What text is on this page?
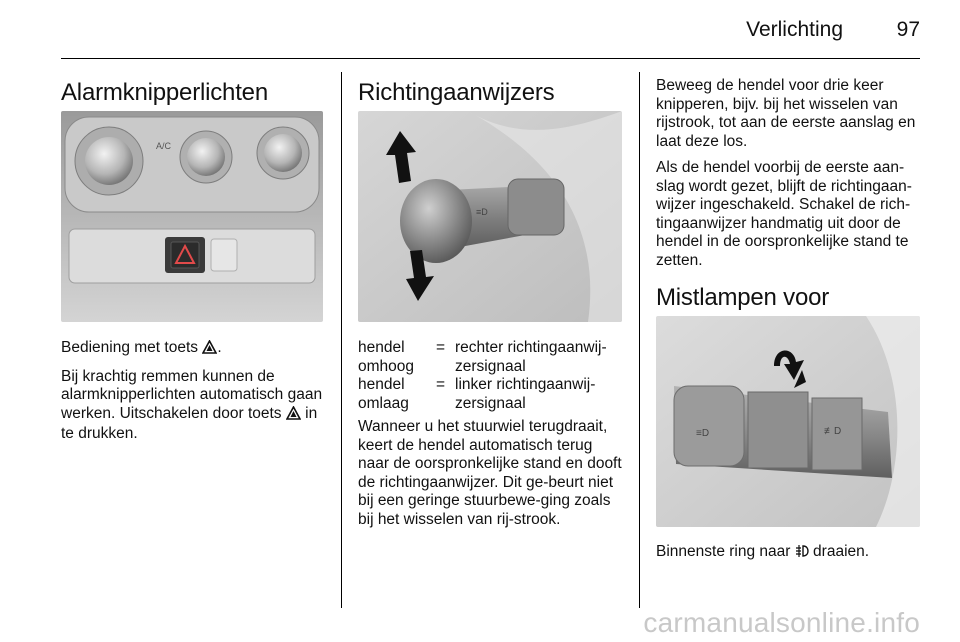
Verlichting	97
Alarmknipperlichten
A/C

Bediening met toets .

Bij krachtig remmen kunnen de alarmknipperlichten automatisch gaan werken. Uitschakelen door toets  in te drukken.

Richtingaanwijzers
≡D
hendel omhoog	=	rechter richtingaanwij-zersignaal
hendel omlaag	=	linker richtingaanwij-zersignaal

Wanneer u het stuurwiel terugdraait, keert de hendel automatisch terug naar de oorspronkelijke stand en dooft de richtingaanwijzer. Dit ge-beurt niet bij een geringe stuurbewe-ging zoals bij het wisselen van rij-strook.

Beweeg de hendel voor drie keer knipperen, bijv. bij het wisselen van rijstrook, tot aan de eerste aanslag en laat deze los.

Als de hendel voorbij de eerste aan-slag wordt gezet, blijft de richtingaan-wijzer ingeschakeld. Schakel de rich-tingaanwijzer handmatig uit door de hendel in de oorspronkelijke stand te zetten.

Mistlampen voor
≡D	≢D

Binnenste ring naar  draaien.

carmanualsonline.info
